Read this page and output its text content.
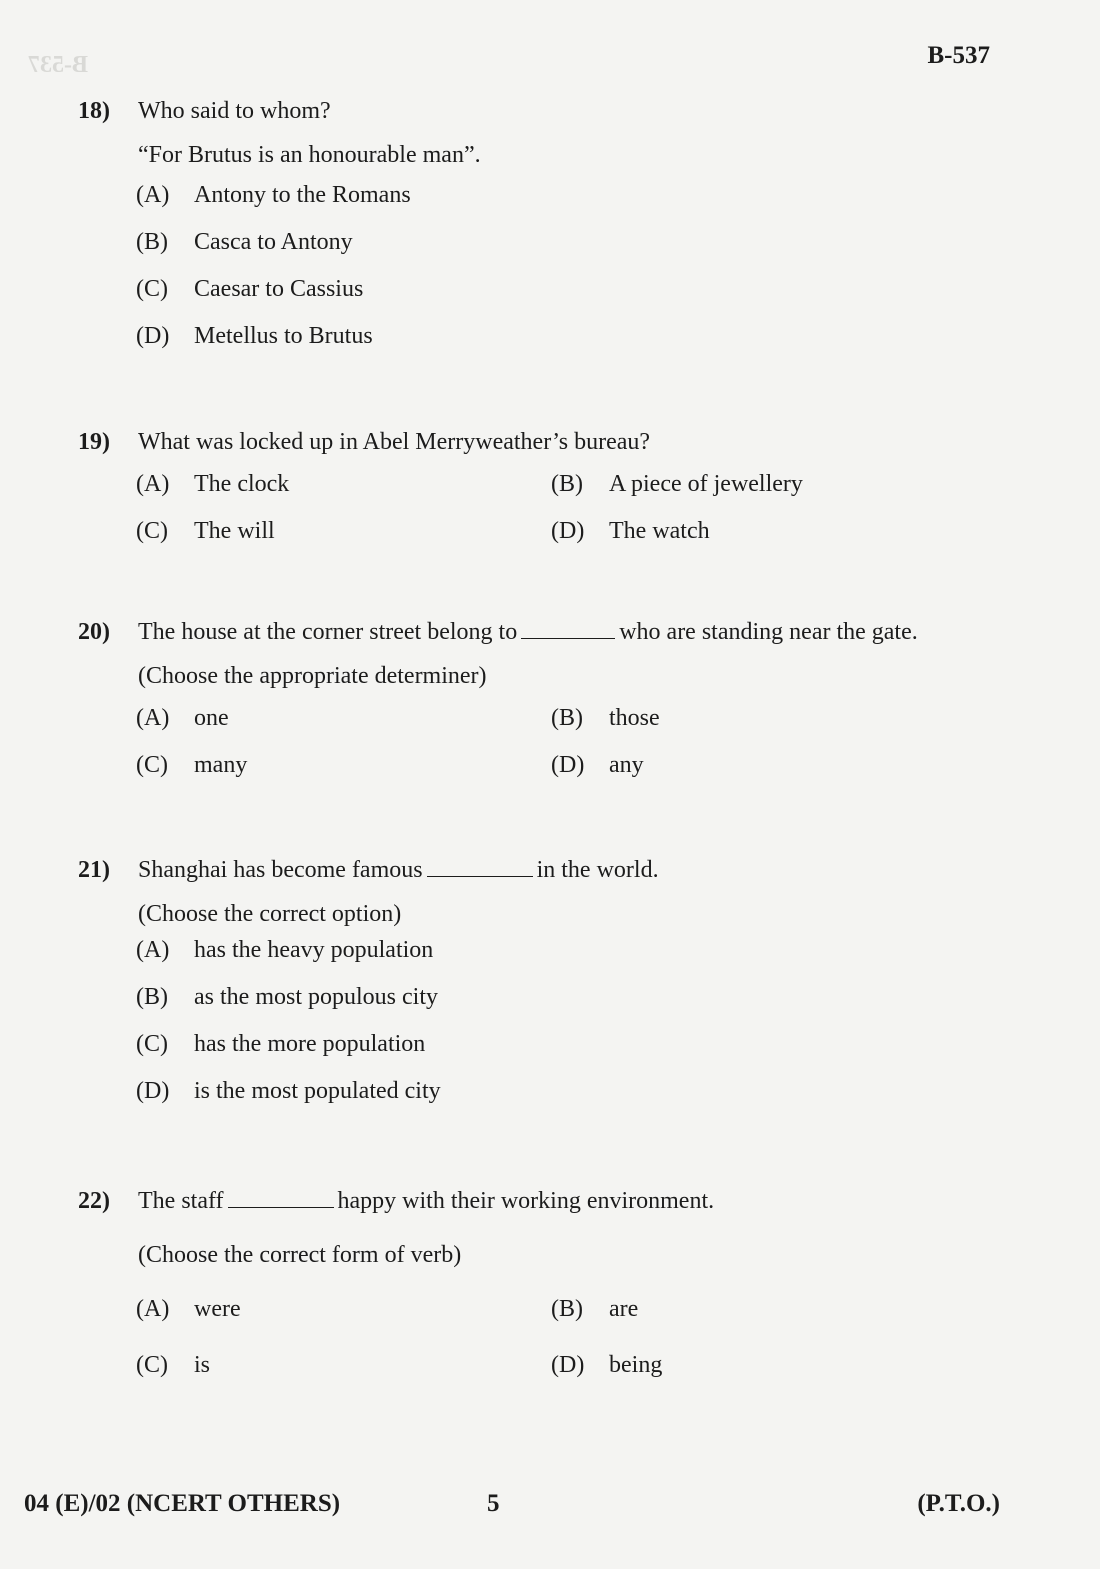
B-537	B-537
18)	Who said to whom?
“For Brutus is an honourable man”.
(A)	Antony to the Romans
(B)	Casca to Antony
(C)	Caesar to Cassius
(D)	Metellus to Brutus
19)	What was locked up in Abel Merryweather’s bureau?
(A)	The clock	(B)	A piece of jewellery
(C)	The will	(D)	The watch
20)	The house at the corner street belong to	who are standing near the gate.
(Choose the appropriate determiner)
(A)	one	(B)	those
(C)	many	(D)	any
21)	Shanghai has become famous	in the world.
(Choose the correct option)
(A)	has the heavy population
(B)	as the most populous city
(C)	has the more population
(D)	is the most populated city
22)	The staff	happy with their working environment.
(Choose the correct form of verb)
(A)	were	(B)	are
(C)	is	(D)	being
04 (E)/02 (NCERT OTHERS)	5	(P.T.O.)
